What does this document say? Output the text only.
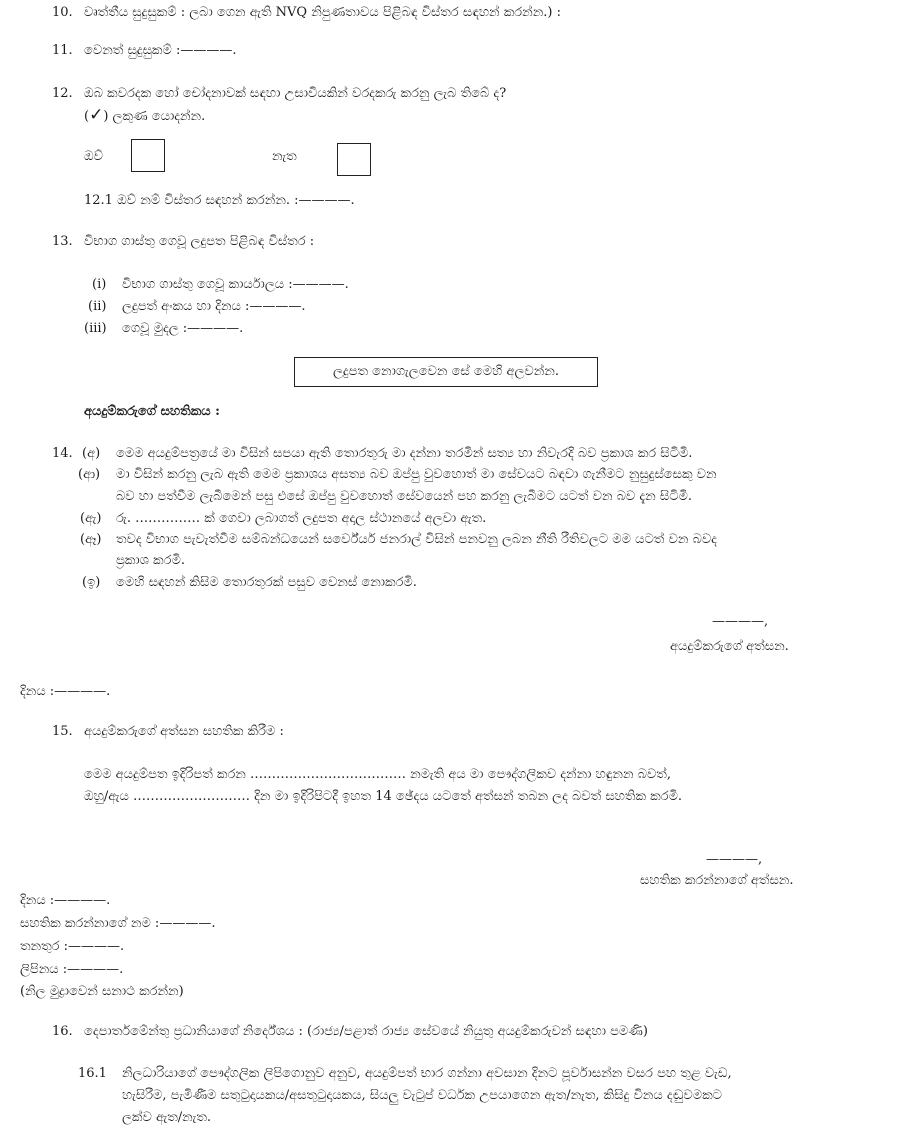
10. වෘත්තීය සුදුසුකම් : ලබා ගෙන ඇති NVQ නිපුණතාවය පිළිබඳ විස්තර සඳහන් කරන්න.) :
11. වෙනත් සුදුසුකම් :————.
12. ඔබ කවරදක හෝ චෝදනාවක් සඳහා උසාවියකින් වරදකරු කරනු ලැබ තිබේ ද?
(✓) ලකුණ යොදන්න.
ඔව්	නැත
12.1 ඔව් නම් විස්තර සඳහන් කරන්න. :————.
13. විභාග ගාස්තු ගෙවූ ලදුපත පිළිබඳ විස්තර :
(i) විභාග ගාස්තු ගෙවූ කාර්යාලය :————.
(ii) ලදුපත් අංකය හා දිනය :————.
(iii) ගෙවූ මුදල :————.
ලදුපත නොගැලවෙන සේ මෙහි අලවන්න.
අයදුම්කරුගේ සහතිකය :
14. (අ) මෙම අයදුම්පත්‍රයේ මා විසින් සපයා ඇති තොරතුරු මා දන්නා තරමින් සත්‍ය හා නිවැරදි බව ප්‍රකාශ කර සිටිමි.
(ආ) මා විසින් කරනු ලැබ ඇති මෙම ප්‍රකාශය අසත්‍ය බව ඔප්පු වුවහොත් මා සේවයට බඳවා ගැනීමට නුසුදුස්සෙකු වන
බව හා පත්වීම ලැබීමෙන් පසු එසේ ඔප්පු වුවහොත් සේවයෙන් පහ කරනු ලැබීමට යටත් වන බව දැන සිටිමි.
(ඇ) රු. …………… ක් ගෙවා ලබාගත් ලදුපත අදාල ස්ථානයේ අලවා ඇත.
(ඈ) තවද විභාග පැවැත්වීම සම්බන්ධයෙන් සර්වේයර් ජනරාල් විසින් පනවනු ලබන නීති රීතිවලට මම යටත් වන බවද
ප්‍රකාශ කරමි.
(ඉ) මෙහි සඳහන් කිසිම තොරතුරක් පසුව වෙනස් නොකරමි.
————,
අයදුම්කරුගේ අත්සන.
දිනය :————.
15. අයදුම්කරුගේ අත්සන සහතික කිරීම :
මෙම අයදුම්පත ඉදිරිපත් කරන ……………………………… නමැති අය මා පෞද්ගලිකව දන්නා හඳුනන බවත්,
ඔහු/ඇය ……………………… දින මා ඉදිරිපිටදී ඉහත 14 ඡේදය යටතේ අත්සන් තබන ලද බවත් සහතික කරමි.
————,
සහතික කරන්නාගේ අත්සන.
දිනය :————.
සහතික කරන්නාගේ නම :————.
තනතුර :————.
ලිපිනය :————.
(නිල මුද්‍රාවෙන් සනාථ කරන්න)
16. දෙපාර්තමේන්තු ප්‍රධානියාගේ නිර්දේශය : (රාජ්‍ය/පළාත් රාජ්‍ය සේවයේ නියුතු අයදුම්කරුවන් සඳහා පමණි)
16.1 නිලධාරියාගේ පෞද්ගලික ලිපිගොනුව අනුව, අයදුම්පත් භාර ගන්නා අවසාන දිනට පූර්වාසන්න වසර පහ තුළ වැඩ,
හැසිරීම, පැමිණීම සතුටුදායකය/අසතුටුදායකය, සියලු වැටුප් වර්ධක උපයාගෙන ඇත/නැත, කිසිදු විනය දඬුවමකට
ලක්ව ඇත/නැත.
